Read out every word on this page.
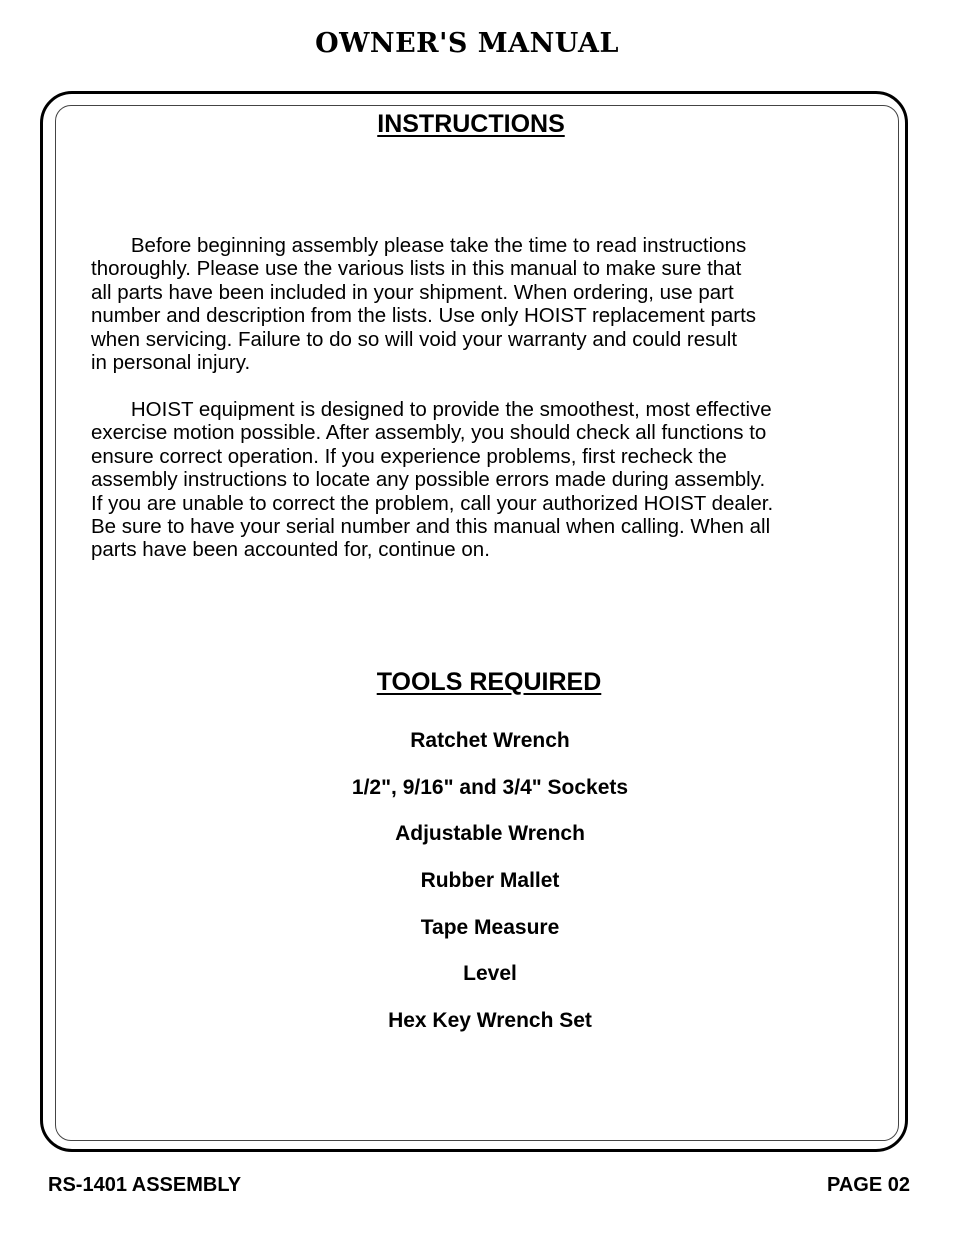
OWNER'S MANUAL
INSTRUCTIONS

Before beginning assembly please take the time to read instructions
thoroughly. Please use the various lists in this manual to make sure that
all parts have been included in your shipment. When ordering, use part
number and description from the lists. Use only HOIST replacement parts
when servicing. Failure to do so will void your warranty and could result
in personal injury.

HOIST equipment is designed to provide the smoothest, most effective
exercise motion possible. After assembly, you should check all functions to
ensure correct operation. If you experience problems, first recheck the
assembly instructions to locate any possible errors made during assembly.
If you are unable to correct the problem, call your authorized HOIST dealer.
Be sure to have your serial number and this manual when calling. When all
parts have been accounted for, continue on.

TOOLS REQUIRED
Ratchet Wrench
1/2", 9/16" and 3/4" Sockets
Adjustable Wrench
Rubber Mallet
Tape Measure
Level
Hex Key Wrench Set
RS-1401 ASSEMBLY	PAGE 02
